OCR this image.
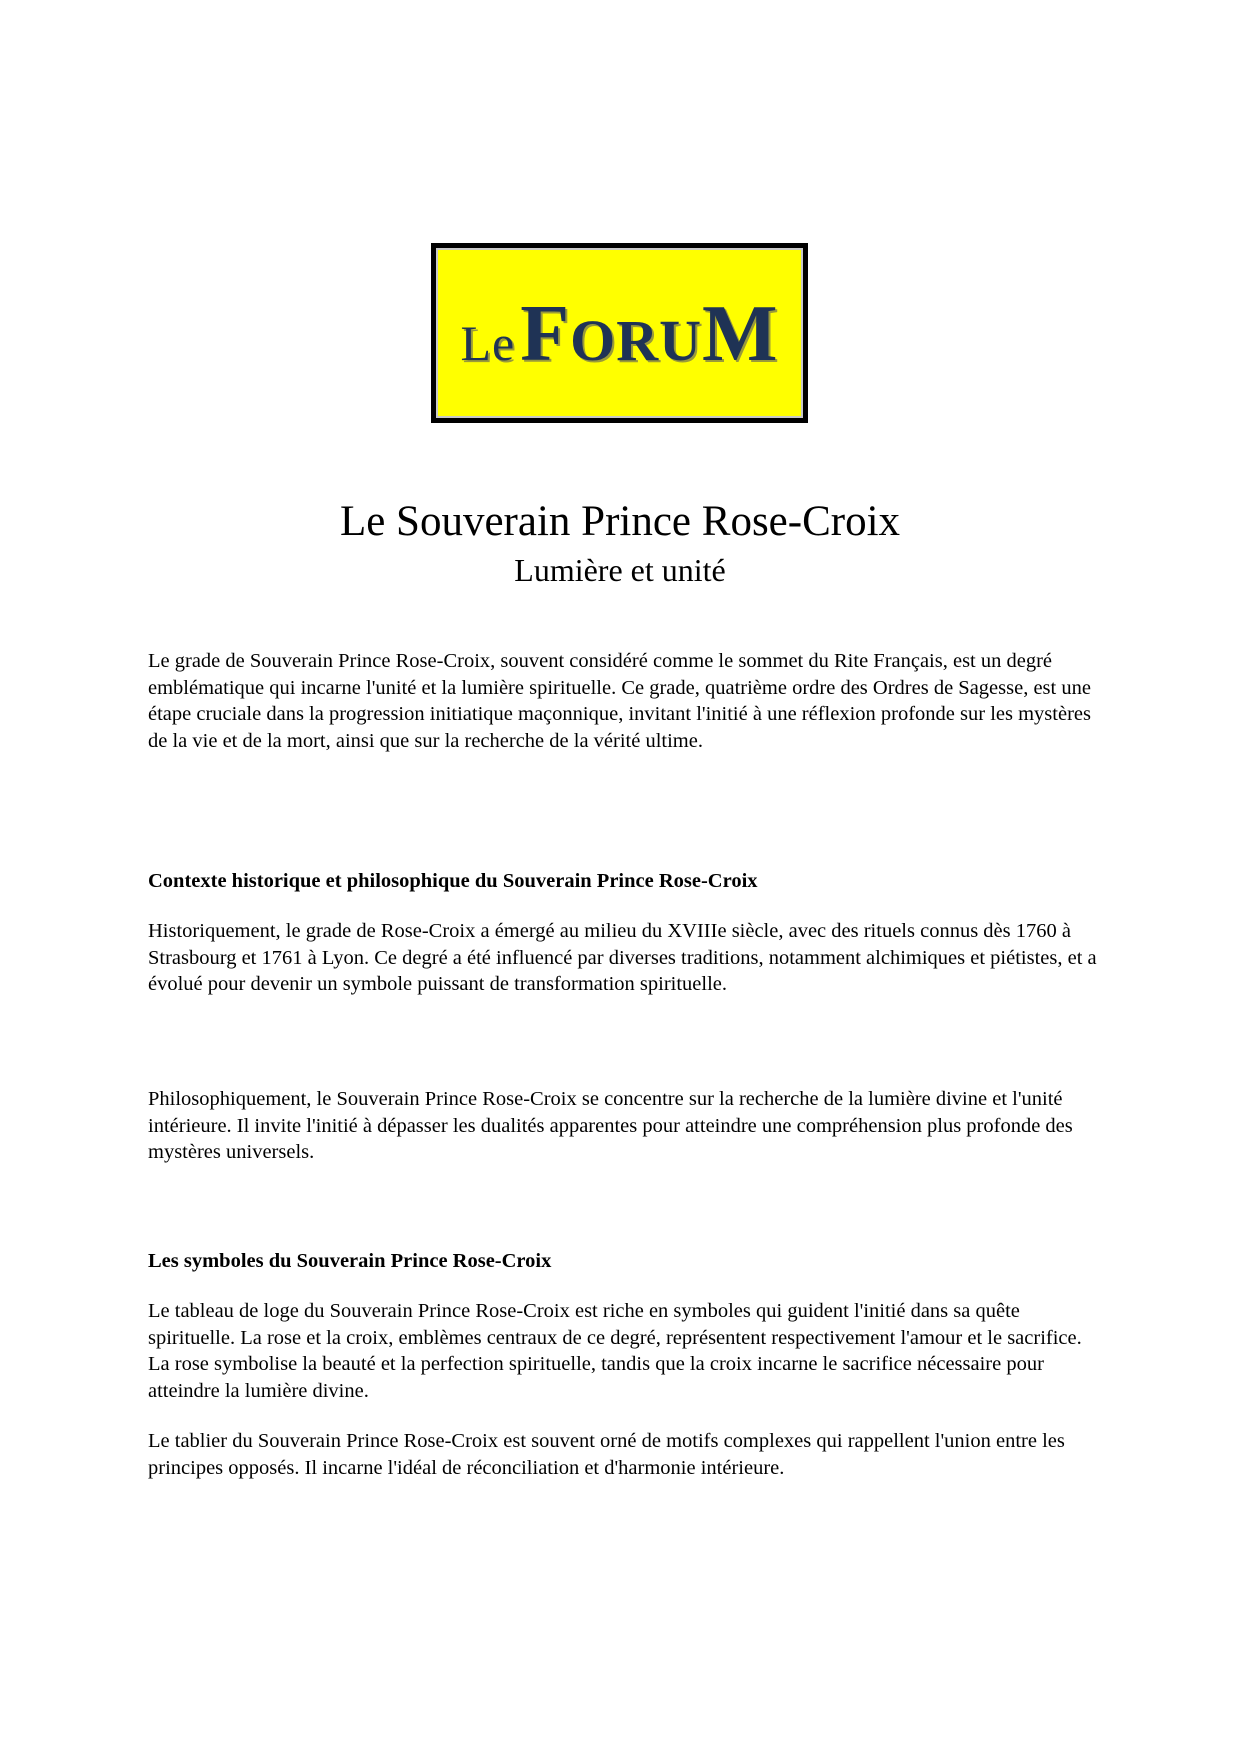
Le FORUM
Le Souverain Prince Rose-Croix
Lumière et unité

Le grade de Souverain Prince Rose-Croix, souvent considéré comme le sommet du Rite Français, est un degré emblématique qui incarne l'unité et la lumière spirituelle. Ce grade, quatrième ordre des Ordres de Sagesse, est une étape cruciale dans la progression initiatique maçonnique, invitant l'initié à une réflexion profonde sur les mystères de la vie et de la mort, ainsi que sur la recherche de la vérité ultime.

Contexte historique et philosophique du Souverain Prince Rose-Croix

Historiquement, le grade de Rose-Croix a émergé au milieu du XVIIIe siècle, avec des rituels connus dès 1760 à Strasbourg et 1761 à Lyon. Ce degré a été influencé par diverses traditions, notamment alchimiques et piétistes, et a évolué pour devenir un symbole puissant de transformation spirituelle.

Philosophiquement, le Souverain Prince Rose-Croix se concentre sur la recherche de la lumière divine et l'unité intérieure. Il invite l'initié à dépasser les dualités apparentes pour atteindre une compréhension plus profonde des mystères universels.

Les symboles du Souverain Prince Rose-Croix

Le tableau de loge du Souverain Prince Rose-Croix est riche en symboles qui guident l'initié dans sa quête spirituelle. La rose et la croix, emblèmes centraux de ce degré, représentent respectivement l'amour et le sacrifice. La rose symbolise la beauté et la perfection spirituelle, tandis que la croix incarne le sacrifice nécessaire pour atteindre la lumière divine.

Le tablier du Souverain Prince Rose-Croix est souvent orné de motifs complexes qui rappellent l'union entre les principes opposés. Il incarne l'idéal de réconciliation et d'harmonie intérieure.
